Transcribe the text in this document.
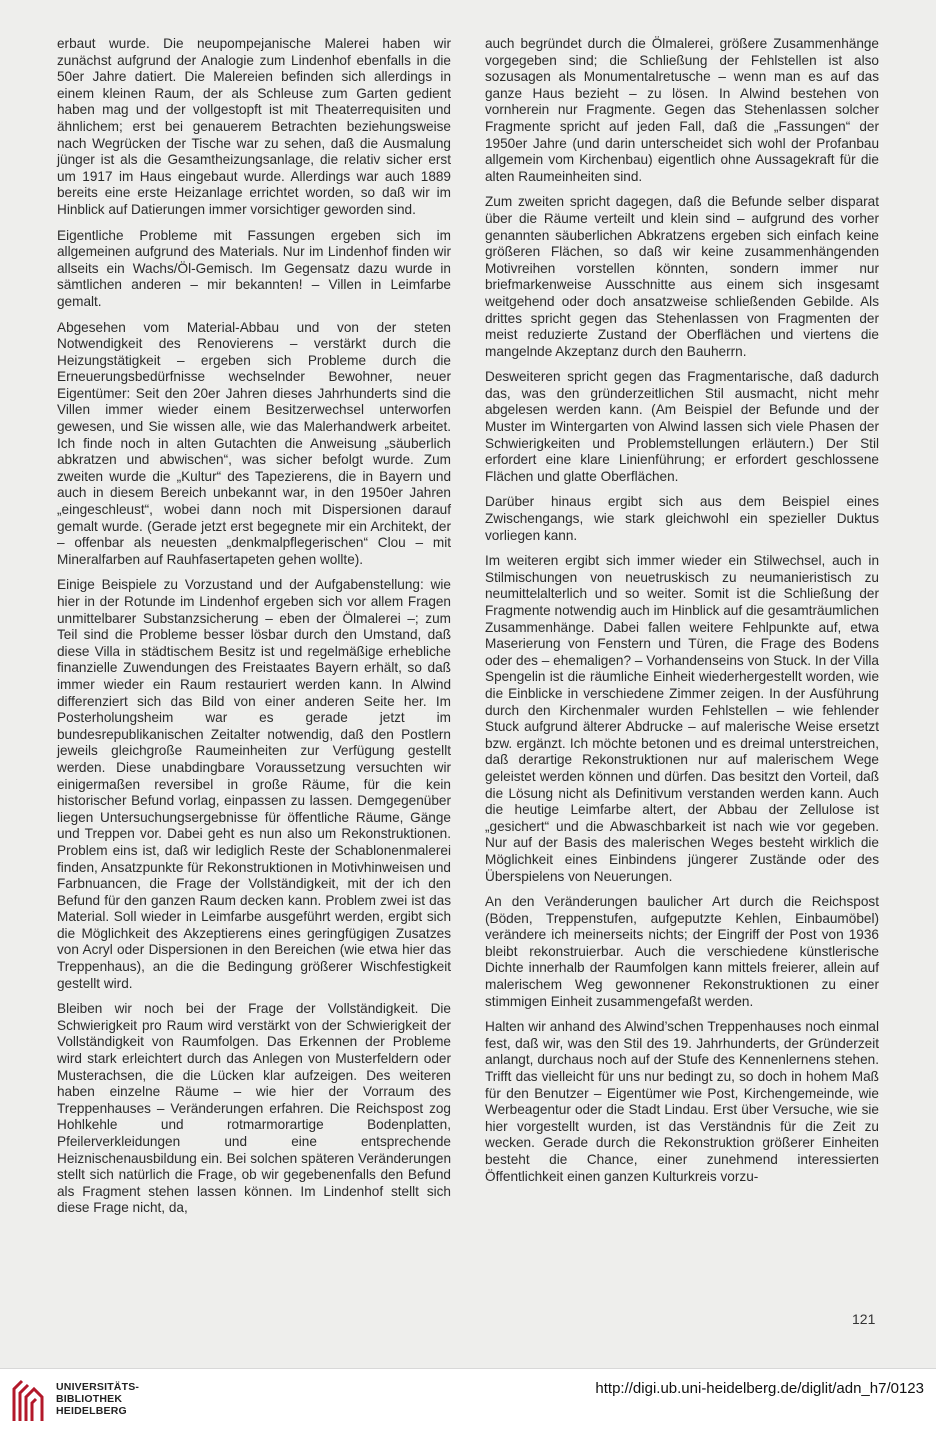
erbaut wurde. Die neupompejanische Malerei haben wir zunächst aufgrund der Analogie zum Lindenhof ebenfalls in die 50er Jahre datiert. Die Malereien befinden sich allerdings in einem kleinen Raum, der als Schleuse zum Garten gedient haben mag und der vollgestopft ist mit Theaterrequisiten und ähnlichem; erst bei genauerem Betrachten beziehungsweise nach Wegrücken der Tische war zu sehen, daß die Ausmalung jünger ist als die Gesamtheizungsanlage, die relativ sicher erst um 1917 im Haus eingebaut wurde. Allerdings war auch 1889 bereits eine erste Heizanlage errichtet worden, so daß wir im Hinblick auf Datierungen immer vorsichtiger geworden sind.

Eigentliche Probleme mit Fassungen ergeben sich im allgemeinen aufgrund des Materials. Nur im Lindenhof finden wir allseits ein Wachs/Öl-Gemisch. Im Gegensatz dazu wurde in sämtlichen anderen – mir bekannten! – Villen in Leimfarbe gemalt.

Abgesehen vom Material-Abbau und von der steten Notwendigkeit des Renovierens – verstärkt durch die Heizungstätigkeit – ergeben sich Probleme durch die Erneuerungsbedürfnisse wechselnder Bewohner, neuer Eigentümer: Seit den 20er Jahren dieses Jahrhunderts sind die Villen immer wieder einem Besitzerwechsel unterworfen gewesen, und Sie wissen alle, wie das Malerhandwerk arbeitet. Ich finde noch in alten Gutachten die Anweisung „säuberlich abkratzen und abwischen“, was sicher befolgt wurde. Zum zweiten wurde die „Kultur“ des Tapezierens, die in Bayern und auch in diesem Bereich unbekannt war, in den 1950er Jahren „eingeschleust“, wobei dann noch mit Dispersionen darauf gemalt wurde. (Gerade jetzt erst begegnete mir ein Architekt, der – offenbar als neuesten „denkmalpflegerischen“ Clou – mit Mineralfarben auf Rauhfasertapeten gehen wollte).

Einige Beispiele zu Vorzustand und der Aufgabenstellung: wie hier in der Rotunde im Lindenhof ergeben sich vor allem Fragen unmittelbarer Substanzsicherung – eben der Ölmalerei –; zum Teil sind die Probleme besser lösbar durch den Umstand, daß diese Villa in städtischem Besitz ist und regelmäßige erhebliche finanzielle Zuwendungen des Freistaates Bayern erhält, so daß immer wieder ein Raum restauriert werden kann. In Alwind differenziert sich das Bild von einer anderen Seite her. Im Posterholungsheim war es gerade jetzt im bundesrepublikanischen Zeitalter notwendig, daß den Postlern jeweils gleichgroße Raumeinheiten zur Verfügung gestellt werden. Diese unabdingbare Voraussetzung versuchten wir einigermaßen reversibel in große Räume, für die kein historischer Befund vorlag, einpassen zu lassen. Demgegenüber liegen Untersuchungsergebnisse für öffentliche Räume, Gänge und Treppen vor. Dabei geht es nun also um Rekonstruktionen. Problem eins ist, daß wir lediglich Reste der Schablonenmalerei finden, Ansatzpunkte für Rekonstruktionen in Motivhinweisen und Farbnuancen, die Frage der Vollständigkeit, mit der ich den Befund für den ganzen Raum decken kann. Problem zwei ist das Material. Soll wieder in Leimfarbe ausgeführt werden, ergibt sich die Möglichkeit des Akzeptierens eines geringfügigen Zusatzes von Acryl oder Dispersionen in den Bereichen (wie etwa hier das Treppenhaus), an die die Bedingung größerer Wischfestigkeit gestellt wird.

Bleiben wir noch bei der Frage der Vollständigkeit. Die Schwierigkeit pro Raum wird verstärkt von der Schwierigkeit der Vollständigkeit von Raumfolgen. Das Erkennen der Probleme wird stark erleichtert durch das Anlegen von Musterfeldern oder Musterachsen, die die Lücken klar aufzeigen. Des weiteren haben einzelne Räume – wie hier der Vorraum des Treppenhauses – Veränderungen erfahren. Die Reichspost zog Hohlkehle und rotmarmorartige Bodenplatten, Pfeilerverkleidungen und eine entsprechende Heiznischenausbildung ein. Bei solchen späteren Veränderungen stellt sich natürlich die Frage, ob wir gegebenenfalls den Befund als Fragment stehen lassen können. Im Lindenhof stellt sich diese Frage nicht, da,

auch begründet durch die Ölmalerei, größere Zusammenhänge vorgegeben sind; die Schließung der Fehlstellen ist also sozusagen als Monumentalretusche – wenn man es auf das ganze Haus bezieht – zu lösen. In Alwind bestehen von vornherein nur Fragmente. Gegen das Stehenlassen solcher Fragmente spricht auf jeden Fall, daß die „Fassungen“ der 1950er Jahre (und darin unterscheidet sich wohl der Profanbau allgemein vom Kirchenbau) eigentlich ohne Aussagekraft für die alten Raumeinheiten sind.

Zum zweiten spricht dagegen, daß die Befunde selber disparat über die Räume verteilt und klein sind – aufgrund des vorher genannten säuberlichen Abkratzens ergeben sich einfach keine größeren Flächen, so daß wir keine zusammenhängenden Motivreihen vorstellen könnten, sondern immer nur briefmarkenweise Ausschnitte aus einem sich insgesamt weitgehend oder doch ansatzweise schließenden Gebilde. Als drittes spricht gegen das Stehenlassen von Fragmenten der meist reduzierte Zustand der Oberflächen und viertens die mangelnde Akzeptanz durch den Bauherrn.

Desweiteren spricht gegen das Fragmentarische, daß dadurch das, was den gründerzeitlichen Stil ausmacht, nicht mehr abgelesen werden kann. (Am Beispiel der Befunde und der Muster im Wintergarten von Alwind lassen sich viele Phasen der Schwierigkeiten und Problemstellungen erläutern.) Der Stil erfordert eine klare Linienführung; er erfordert geschlossene Flächen und glatte Oberflächen.

Darüber hinaus ergibt sich aus dem Beispiel eines Zwischengangs, wie stark gleichwohl ein spezieller Duktus vorliegen kann.

Im weiteren ergibt sich immer wieder ein Stilwechsel, auch in Stilmischungen von neuetruskisch zu neumanieristisch zu neumittelalterlich und so weiter. Somit ist die Schließung der Fragmente notwendig auch im Hinblick auf die gesamträumlichen Zusammenhänge. Dabei fallen weitere Fehlpunkte auf, etwa Maserierung von Fenstern und Türen, die Frage des Bodens oder des – ehemaligen? – Vorhandenseins von Stuck. In der Villa Spengelin ist die räumliche Einheit wiederhergestellt worden, wie die Einblicke in verschiedene Zimmer zeigen. In der Ausführung durch den Kirchenmaler wurden Fehlstellen – wie fehlender Stuck aufgrund älterer Abdrucke – auf malerische Weise ersetzt bzw. ergänzt. Ich möchte betonen und es dreimal unterstreichen, daß derartige Rekonstruktionen nur auf malerischem Wege geleistet werden können und dürfen. Das besitzt den Vorteil, daß die Lösung nicht als Definitivum verstanden werden kann. Auch die heutige Leimfarbe altert, der Abbau der Zellulose ist „gesichert“ und die Abwaschbarkeit ist nach wie vor gegeben. Nur auf der Basis des malerischen Weges besteht wirklich die Möglichkeit eines Einbindens jüngerer Zustände oder des Überspielens von Neuerungen.

An den Veränderungen baulicher Art durch die Reichspost (Böden, Treppenstufen, aufgeputzte Kehlen, Einbaumöbel) verändere ich meinerseits nichts; der Eingriff der Post von 1936 bleibt rekonstruierbar. Auch die verschiedene künstlerische Dichte innerhalb der Raumfolgen kann mittels freierer, allein auf malerischem Weg gewonnener Rekonstruktionen zu einer stimmigen Einheit zusammengefaßt werden.

Halten wir anhand des Alwind’schen Treppenhauses noch einmal fest, daß wir, was den Stil des 19. Jahrhunderts, der Gründerzeit anlangt, durchaus noch auf der Stufe des Kennenlernens stehen. Trifft das vielleicht für uns nur bedingt zu, so doch in hohem Maß für den Benutzer – Eigentümer wie Post, Kirchengemeinde, wie Werbeagentur oder die Stadt Lindau. Erst über Versuche, wie sie hier vorgestellt wurden, ist das Verständnis für die Zeit zu wecken. Gerade durch die Rekonstruktion größerer Einheiten besteht die Chance, einer zunehmend interessierten Öffentlichkeit einen ganzen Kulturkreis vorzu-

121
UNIVERSITÄTS-
BIBLIOTHEK
HEIDELBERG
http://digi.ub.uni-heidelberg.de/diglit/adn_h7/0123
